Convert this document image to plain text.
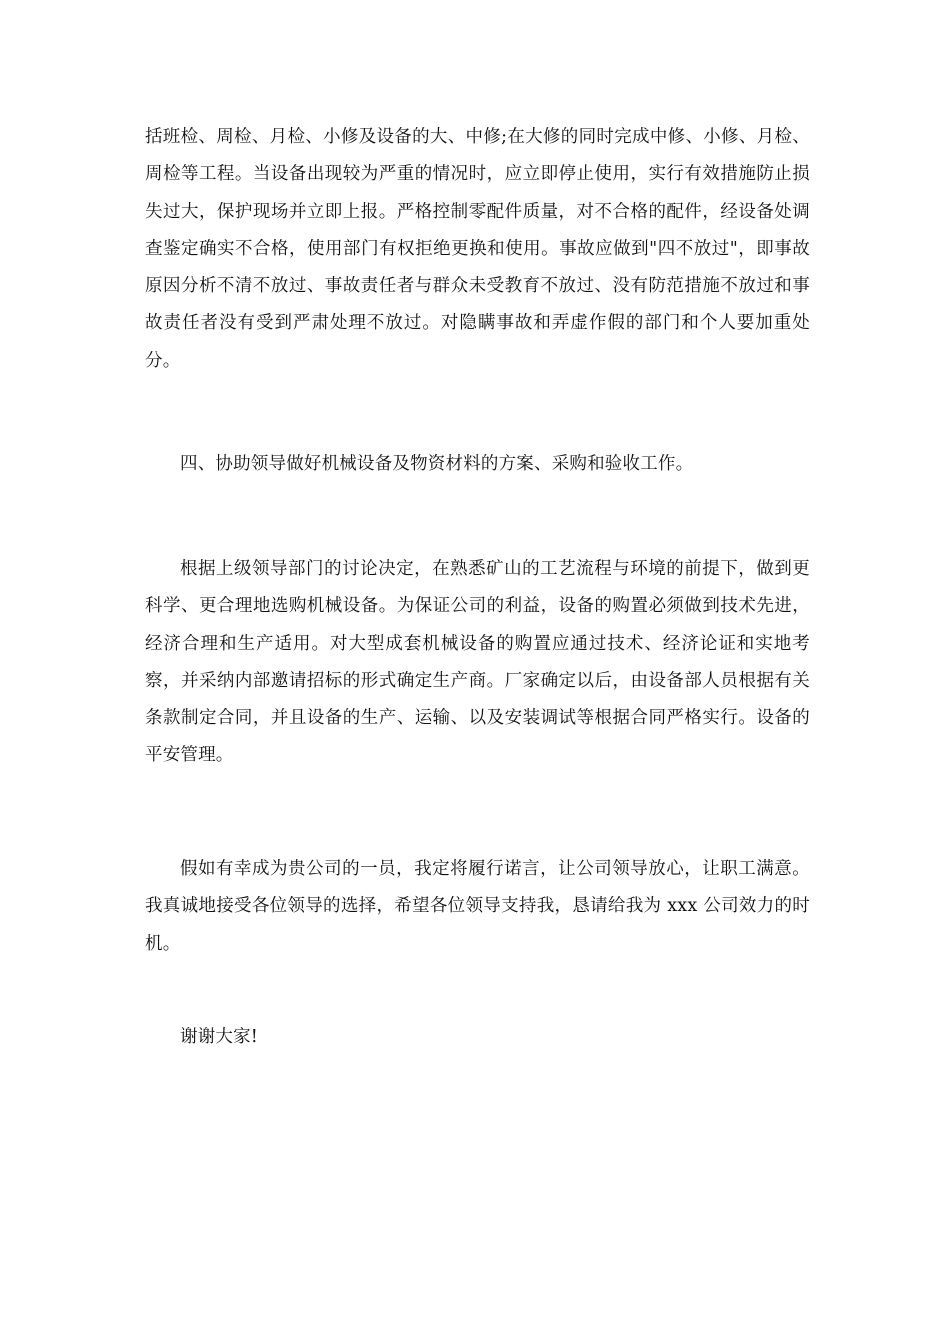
括班检、周检、月检、小修及设备的大、中修;在大修的同时完成中修、小修、月检、周检等工程。当设备出现较为严重的情况时，应立即停止使用，实行有效措施防止损失过大，保护现场并立即上报。严格控制零配件质量，对不合格的配件，经设备处调查鉴定确实不合格，使用部门有权拒绝更换和使用。事故应做到"四不放过"，即事故原因分析不清不放过、事故责任者与群众未受教育不放过、没有防范措施不放过和事故责任者没有受到严肃处理不放过。对隐瞒事故和弄虚作假的部门和个人要加重处分。

四、协助领导做好机械设备及物资材料的方案、采购和验收工作。

根据上级领导部门的讨论决定，在熟悉矿山的工艺流程与环境的前提下，做到更科学、更合理地选购机械设备。为保证公司的利益，设备的购置必须做到技术先进，经济合理和生产适用。对大型成套机械设备的购置应通过技术、经济论证和实地考察，并采纳内部邀请招标的形式确定生产商。厂家确定以后，由设备部人员根据有关条款制定合同，并且设备的生产、运输、以及安装调试等根据合同严格实行。设备的平安管理。

假如有幸成为贵公司的一员，我定将履行诺言，让公司领导放心，让职工满意。我真诚地接受各位领导的选择，希望各位领导支持我，恳请给我为 xxx 公司效力的时机。

谢谢大家!
